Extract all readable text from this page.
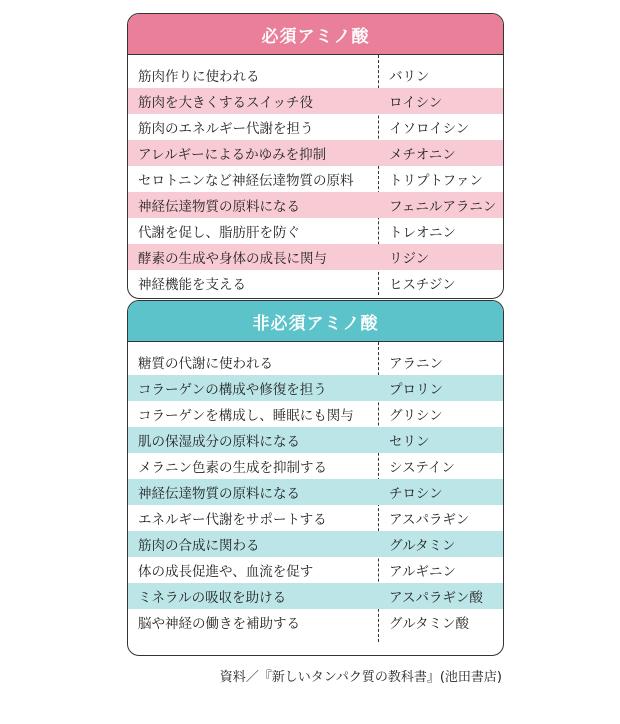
必須アミノ酸
筋肉作りに使われる	バリン
筋肉を大きくするスイッチ役	ロイシン
筋肉のエネルギー代謝を担う	イソロイシン
アレルギーによるかゆみを抑制	メチオニン
セロトニンなど神経伝達物質の原料	トリプトファン
神経伝達物質の原料になる	フェニルアラニン
代謝を促し、脂肪肝を防ぐ	トレオニン
酵素の生成や身体の成長に関与	リジン
神経機能を支える	ヒスチジン
非必須アミノ酸
糖質の代謝に使われる	アラニン
コラーゲンの構成や修復を担う	プロリン
コラーゲンを構成し、睡眠にも関与	グリシン
肌の保湿成分の原料になる	セリン
メラニン色素の生成を抑制する	システイン
神経伝達物質の原料になる	チロシン
エネルギー代謝をサポートする	アスパラギン
筋肉の合成に関わる	グルタミン
体の成長促進や、血流を促す	アルギニン
ミネラルの吸収を助ける	アスパラギン酸
脳や神経の働きを補助する	グルタミン酸
資料／『新しいタンパク質の教科書』(池田書店)
